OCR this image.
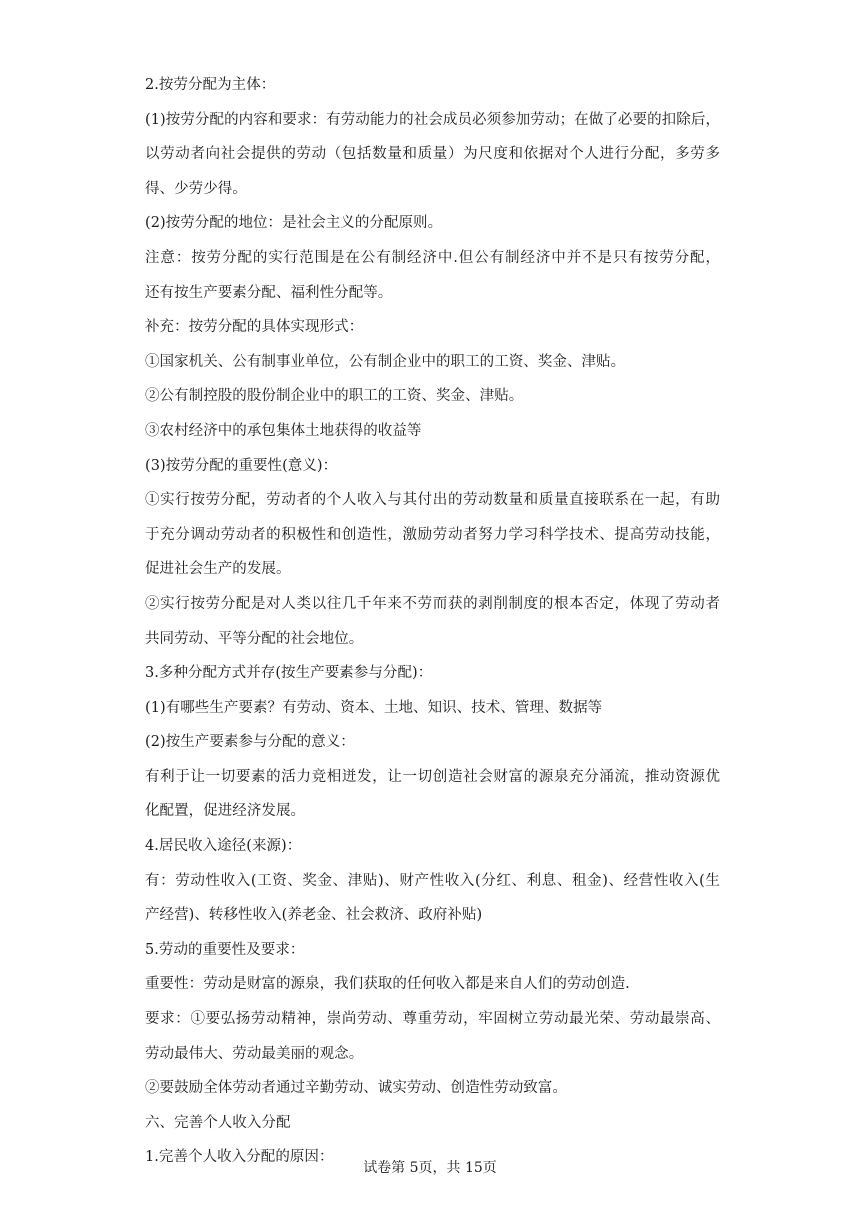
2.按劳分配为主体：
(1)按劳分配的内容和要求：有劳动能力的社会成员必须参加劳动；在做了必要的扣除后，
以劳动者向社会提供的劳动（包括数量和质量）为尺度和依据对个人进行分配，多劳多
得、少劳少得。
(2)按劳分配的地位：是社会主义的分配原则。
注意：按劳分配的实行范围是在公有制经济中.但公有制经济中并不是只有按劳分配，
还有按生产要素分配、福利性分配等。
补充：按劳分配的具体实现形式：
①国家机关、公有制事业单位，公有制企业中的职工的工资、奖金、津贴。
②公有制控股的股份制企业中的职工的工资、奖金、津贴。
③农村经济中的承包集体土地获得的收益等
(3)按劳分配的重要性(意义)：
①实行按劳分配，劳动者的个人收入与其付出的劳动数量和质量直接联系在一起，有助
于充分调动劳动者的积极性和创造性，激励劳动者努力学习科学技术、提高劳动技能，
促进社会生产的发展。
②实行按劳分配是对人类以往几千年来不劳而获的剥削制度的根本否定，体现了劳动者
共同劳动、平等分配的社会地位。
3.多种分配方式并存(按生产要素参与分配)：
(1)有哪些生产要素？有劳动、资本、土地、知识、技术、管理、数据等
(2)按生产要素参与分配的意义：
有利于让一切要素的活力竞相迸发，让一切创造社会财富的源泉充分涌流，推动资源优
化配置，促进经济发展。
4.居民收入途径(来源)：
有：劳动性收入(工资、奖金、津贴)、财产性收入(分红、利息、租金)、经营性收入(生
产经营)、转移性收入(养老金、社会救济、政府补贴)
5.劳动的重要性及要求：
重要性：劳动是财富的源泉，我们获取的任何收入都是来自人们的劳动创造.
要求：①要弘扬劳动精神，崇尚劳动、尊重劳动，牢固树立劳动最光荣、劳动最崇高、
劳动最伟大、劳动最美丽的观念。
②要鼓励全体劳动者通过辛勤劳动、诚实劳动、创造性劳动致富。
六、完善个人收入分配
1.完善个人收入分配的原因：
试卷第 5页，共 15页
